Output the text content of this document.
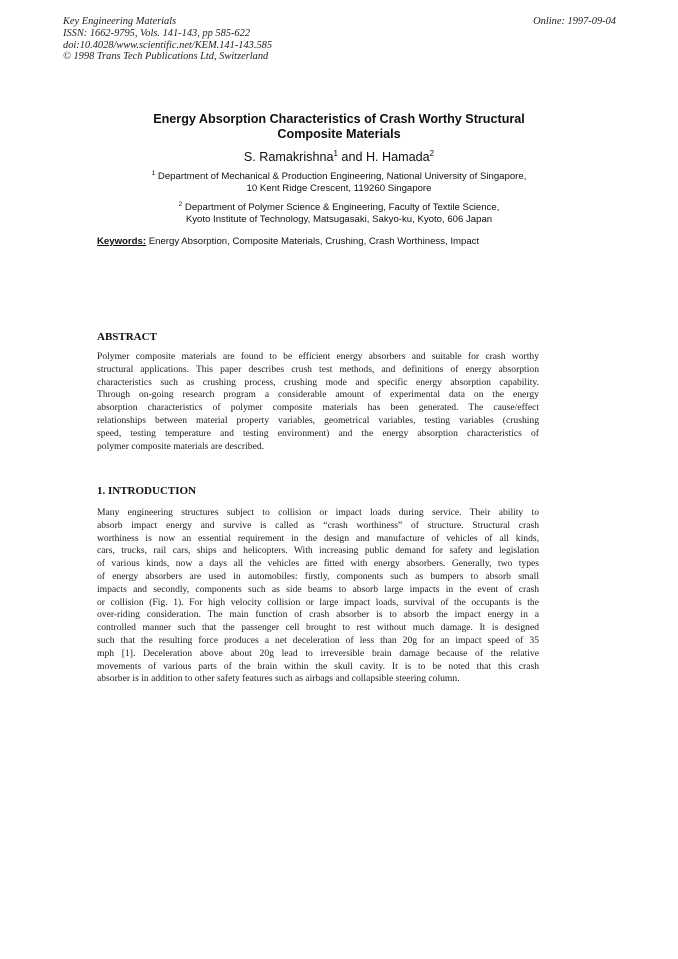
Key Engineering Materials
ISSN: 1662-9795, Vols. 141-143, pp 585-622
doi:10.4028/www.scientific.net/KEM.141-143.585
© 1998 Trans Tech Publications Ltd, Switzerland
Online: 1997-09-04
Energy Absorption Characteristics of Crash Worthy Structural
Composite Materials
S. Ramakrishna$^1$ and H. Hamada$^2$
$^1$ Department of Mechanical & Production Engineering, National University of Singapore,
10 Kent Ridge Crescent, 119260 Singapore
$^2$ Department of Polymer Science & Engineering, Faculty of Textile Science,
Kyoto Institute of Technology, Matsugasaki, Sakyo-ku, Kyoto, 606 Japan
Keywords: Energy Absorption, Composite Materials, Crushing, Crash Worthiness, Impact
ABSTRACT
Polymer composite materials are found to be efficient energy absorbers and suitable for crash worthy
structural applications. This paper describes crush test methods, and definitions of energy absorption
characteristics such as crushing process, crushing mode and specific energy absorption capability.
Through on-going research program a considerable amount of experimental data on the energy
absorption characteristics of polymer composite materials has been generated. The cause/effect
relationships between material property variables, geometrical variables, testing variables (crushing
speed, testing temperature and testing environment) and the energy absorption characteristics of
polymer composite materials are described.
1. INTRODUCTION
Many engineering structures subject to collision or impact loads during service. Their ability to
absorb impact energy and survive is called as “crash worthiness” of structure. Structural crash
worthiness is now an essential requirement in the design and manufacture of vehicles of all kinds,
cars, trucks, rail cars, ships and helicopters. With increasing public demand for safety and legislation
of various kinds, now a days all the vehicles are fitted with energy absorbers. Generally, two types
of energy absorbers are used in automobiles: firstly, components such as bumpers to absorb small
impacts and secondly, components such as side beams to absorb large impacts in the event of crash
or collision (Fig. 1). For high velocity collision or large impact loads, survival of the occupants is the
over-riding consideration. The main function of crash absorber is to absorb the impact energy in a
controlled manner such that the passenger cell brought to rest without much damage. It is designed
such that the resulting force produces a net deceleration of less than 20g for an impact speed of 35
mph [1]. Deceleration above about 20g lead to irreversible brain damage because of the relative
movements of various parts of the brain within the skull cavity. It is to be noted that this crash
absorber is in addition to other safety features such as airbags and collapsible steering column.
